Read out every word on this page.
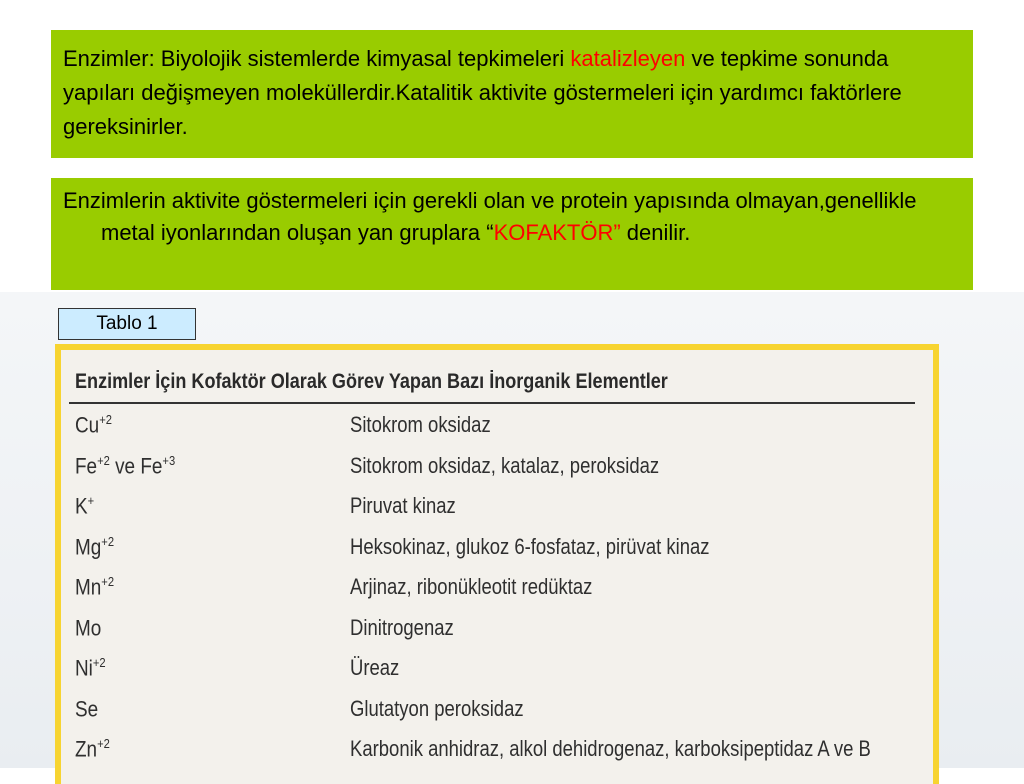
Enzimler: Biyolojik sistemlerde kimyasal tepkimeleri katalizleyen ve tepkime sonunda yapıları değişmeyen moleküllerdir.Katalitik aktivite göstermeleri için yardımcı faktörlere gereksinirler.
Enzimlerin aktivite göstermeleri için gerekli olan ve protein yapısında olmayan,genellikle metal iyonlarından oluşan yan gruplara “KOFAKTÖR” denilir.
Tablo 1
Enzimler İçin Kofaktör Olarak Görev Yapan Bazı İnorganik Elementler
$Cu^{+2}$	Sitokrom oksidaz
$Fe^{+2}$ ve $Fe^{+3}$	Sitokrom oksidaz, katalaz, peroksidaz
K+	Piruvat kinaz
$Mg^{+2}$	Heksokinaz, glukoz 6-fosfataz, pirüvat kinaz
$Mn^{+2}$	Arjinaz, ribonükleotit redüktaz
Mo	Dinitrogenaz
$Ni^{+2}$	Üreaz
Se	Glutatyon peroksidaz
$Zn^{+2}$	Karbonik anhidraz, alkol dehidrogenaz, karboksipeptidaz A ve B
